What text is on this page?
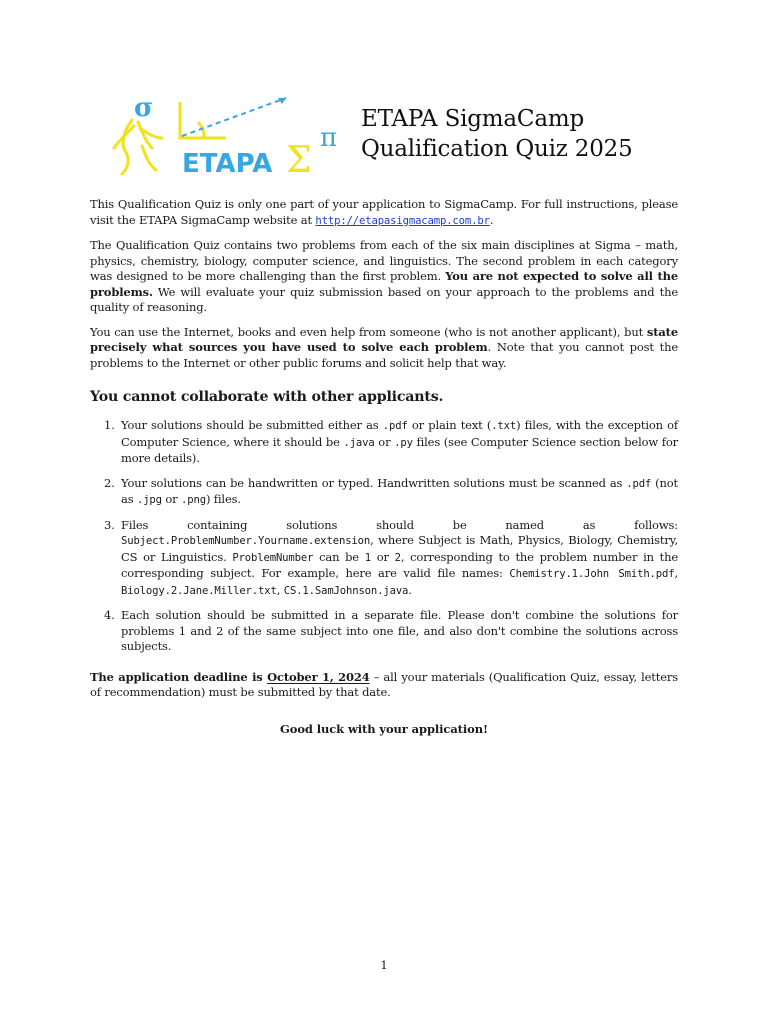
σ
ETAPA Σ
π
ETAPA SigmaCamp
Qualification Quiz 2025

This Qualification Quiz is only one part of your application to SigmaCamp. For full instructions, please visit the ETAPA SigmaCamp website at http://etapasigmacamp.com.br.

The Qualification Quiz contains two problems from each of the six main disciplines at Sigma – math, physics, chemistry, biology, computer science, and linguistics. The second problem in each category was designed to be more challenging than the first problem. You are not expected to solve all the problems. We will evaluate your quiz submission based on your approach to the problems and the quality of reasoning.

You can use the Internet, books and even help from someone (who is not another applicant), but state precisely what sources you have used to solve each problem. Note that you cannot post the problems to the Internet or other public forums and solicit help that way.

You cannot collaborate with other applicants.
1. Your solutions should be submitted either as .pdf or plain text (.txt) files, with the exception of Computer Science, where it should be .java or .py files (see Computer Science section below for more details).
2. Your solutions can be handwritten or typed. Handwritten solutions must be scanned as .pdf (not as .jpg or .png) files.
3. Files containing solutions should be named as follows: Subject.ProblemNumber.Yourname.extension, where Subject is Math, Physics, Biology, Chemistry, CS or Linguistics. ProblemNumber can be 1 or 2, corresponding to the problem number in the corresponding subject. For example, here are valid file names: Chemistry.1.John Smith.pdf, Biology.2.Jane.Miller.txt, CS.1.SamJohnson.java.
4. Each solution should be submitted in a separate file. Please don't combine the solutions for problems 1 and 2 of the same subject into one file, and also don't combine the solutions across subjects.

The application deadline is October 1, 2024 – all your materials (Qualification Quiz, essay, letters of recommendation) must be submitted by that date.

Good luck with your application!
1
